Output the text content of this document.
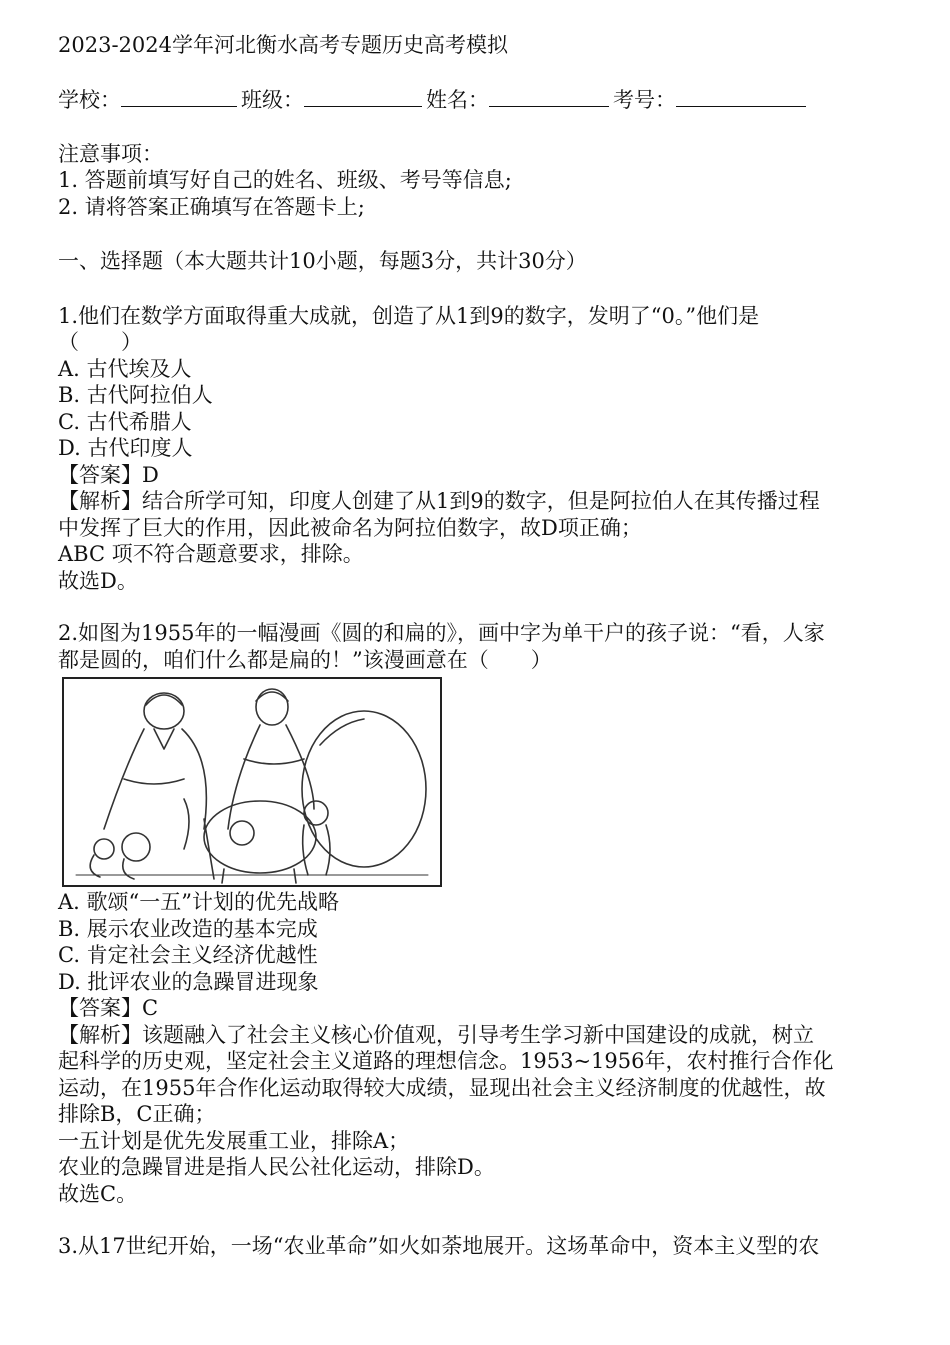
2023-2024学年河北衡水高考专题历史高考模拟
学校：	班级：	姓名：	考号：
注意事项：
1. 答题前填写好自己的姓名、班级、考号等信息;
2. 请将答案正确填写在答题卡上;
一、选择题（本大题共计10小题，每题3分，共计30分）
1.他们在数学方面取得重大成就，创造了从1到9的数字，发明了“0。”他们是
（　　）
A. 古代埃及人
B. 古代阿拉伯人
C. 古代希腊人
D. 古代印度人
【答案】D
【解析】结合所学可知，印度人创建了从1到9的数字，但是阿拉伯人在其传播过程
中发挥了巨大的作用，因此被命名为阿拉伯数字，故D项正确；
ABC 项不符合题意要求，排除。
故选D。
2.如图为1955年的一幅漫画《圆的和扁的》，画中字为单干户的孩子说：“看，人家
都是圆的，咱们什么都是扁的！”该漫画意在（　　）
A. 歌颂“一五”计划的优先战略
B. 展示农业改造的基本完成
C. 肯定社会主义经济优越性
D. 批评农业的急躁冒进现象
【答案】C
【解析】该题融入了社会主义核心价值观，引导考生学习新中国建设的成就，树立
起科学的历史观，坚定社会主义道路的理想信念。1953~1956年，农村推行合作化
运动，在1955年合作化运动取得较大成绩，显现出社会主义经济制度的优越性，故
排除B，C正确；
一五计划是优先发展重工业，排除A；
农业的急躁冒进是指人民公社化运动，排除D。
故选C。
3.从17世纪开始，一场“农业革命”如火如荼地展开。这场革命中，资本主义型的农
